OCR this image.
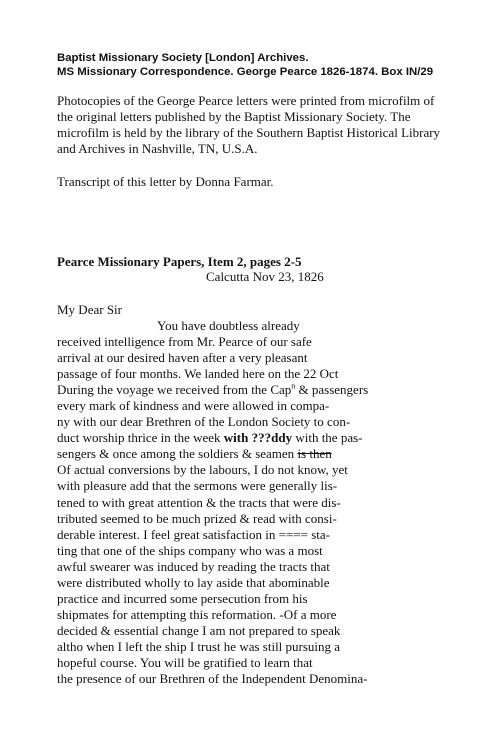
Baptist Missionary Society [London] Archives.
MS Missionary Correspondence. George Pearce 1826-1874. Box IN/29
Photocopies of the George Pearce letters were printed from microfilm of
the original letters published by the Baptist Missionary Society. The
microfilm is held by the library of the Southern Baptist Historical Library
and Archives in Nashville, TN, U.S.A.
Transcript of this letter by Donna Farmar.
Pearce Missionary Papers, Item 2, pages 2-5
Calcutta Nov 23, 1826
My Dear Sir
You have doubtless already
received intelligence from Mr. Pearce of our safe
arrival at our desired haven after a very pleasant
passage of four months. We landed here on the 22 Oct
During the voyage we received from the Cap$^n$ & passengers
every mark of kindness and were allowed in compa-
ny with our dear Brethren of the London Society to con-
duct worship thrice in the week with ???ddy with the pas-
sengers & once among the soldiers & seamen is then
Of actual conversions by the labours, I do not know, yet
with pleasure add that the sermons were generally lis-
tened to with great attention & the tracts that were dis-
tributed seemed to be much prized & read with consi-
derable interest. I feel great satisfaction in ==== sta-
ting that one of the ships company who was a most
awful swearer was induced by reading the tracts that
were distributed wholly to lay aside that abominable
practice and incurred some persecution from his
shipmates for attempting this reformation. -Of a more
decided & essential change I am not prepared to speak
altho when I left the ship I trust he was still pursuing a
hopeful course. You will be gratified to learn that
the presence of our Brethren of the Independent Denomina-
